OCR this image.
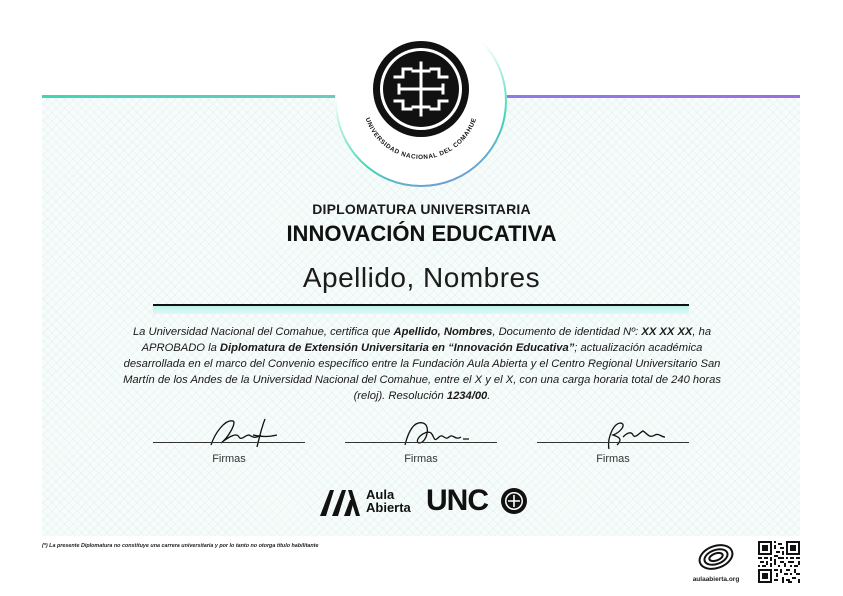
UNIVERSIDAD NACIONAL DEL COMAHUE
DIPLOMATURA UNIVERSITARIA
INNOVACIÓN EDUCATIVA
Apellido, Nombres
La Universidad Nacional del Comahue, certifica que Apellido, Nombres, Documento de identidad Nº: XX XX XX, ha APROBADO la Diplomatura de Extensión Universitaria en “Innovación Educativa”; actualización académica desarrollada en el marco del Convenio específico entre la Fundación Aula Abierta y el Centro Regional Universitario San Martín de los Andes de la Universidad Nacional del Comahue, entre el X y el X, con una carga horaria total de 240 horas (reloj). Resolución 1234/00.
Firmas	Firmas	Firmas
Aula
Abierta UNC
(*) La presente Diplomatura no constituye una carrera universitaria y por lo tanto no otorga título habilitante
aulaabierta.org
